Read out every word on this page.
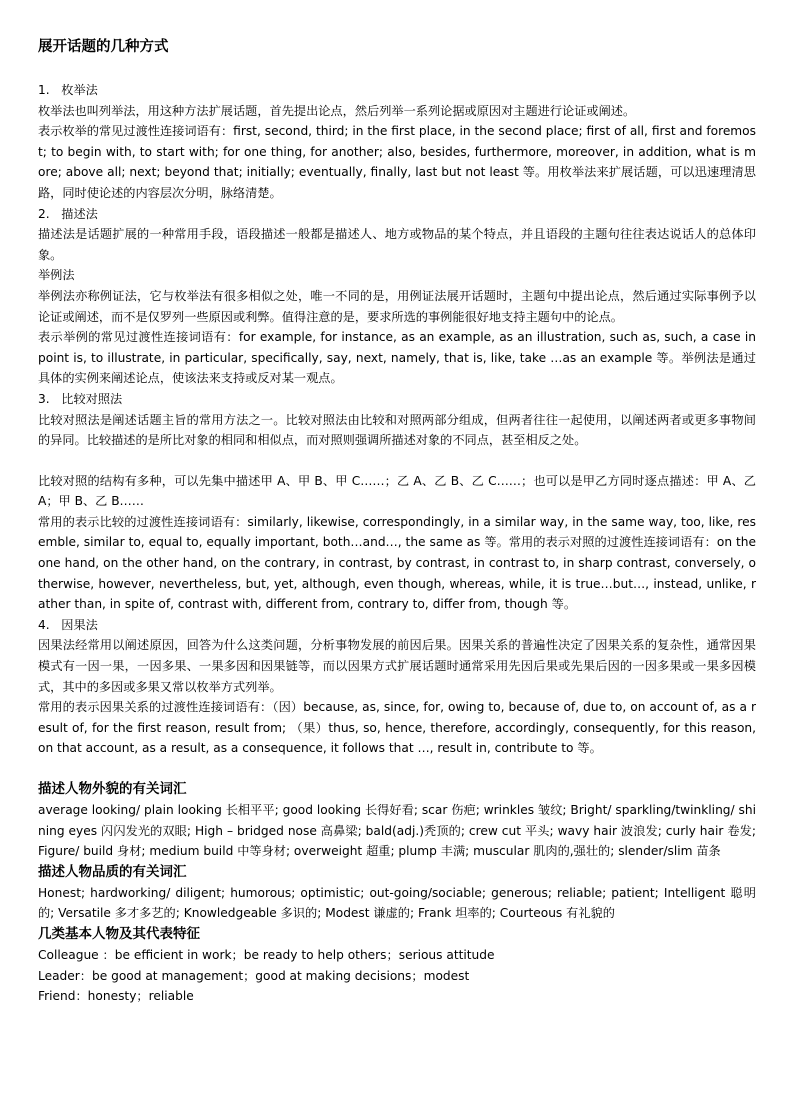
展开话题的几种方式
1.   枚举法
枚举法也叫列举法，用这种方法扩展话题，首先提出论点，然后列举一系列论据或原因对主题进行论证或阐述。
表示枚举的常见过渡性连接词语有：first, second, third; in the first place, in the second place; first of all, first and foremost; to begin with, to start with; for one thing, for another; also, besides, furthermore, moreover, in addition, what is more; above all; next; beyond that; initially; eventually, finally, last but not least 等。用枚举法来扩展话题，可以迅速理清思路，同时使论述的内容层次分明，脉络清楚。
2.   描述法
描述法是话题扩展的一种常用手段，语段描述一般都是描述人、地方或物品的某个特点，并且语段的主题句往往表达说话人的总体印象。
举例法
举例法亦称例证法，它与枚举法有很多相似之处，唯一不同的是，用例证法展开话题时，主题句中提出论点，然后通过实际事例予以论证或阐述，而不是仅罗列一些原因或利弊。值得注意的是，要求所选的事例能很好地支持主题句中的论点。
表示举例的常见过渡性连接词语有：for example, for instance, as an example, as an illustration, such as, such, a case in point is, to illustrate, in particular, specifically, say, next, namely, that is, like, take …as an example 等。举例法是通过具体的实例来阐述论点，使该法来支持或反对某一观点。
3.   比较对照法
比较对照法是阐述话题主旨的常用方法之一。比较对照法由比较和对照两部分组成，但两者往往一起使用，以阐述两者或更多事物间的异同。比较描述的是所比对象的相同和相似点，而对照则强调所描述对象的不同点，甚至相反之处。
比较对照的结构有多种，可以先集中描述甲 A、甲 B、甲 C……；乙 A、乙 B、乙 C……；也可以是甲乙方同时逐点描述：甲 A、乙 A；甲 B、乙 B……
常用的表示比较的过渡性连接词语有：similarly, likewise, correspondingly, in a similar way, in the same way, too, like, resemble, similar to, equal to, equally important, both…and…, the same as 等。常用的表示对照的过渡性连接词语有：on the one hand, on the other hand, on the contrary, in contrast, by contrast, in contrast to, in sharp contrast, conversely, otherwise, however, nevertheless, but, yet, although, even though, whereas, while, it is true…but…, instead, unlike, rather than, in spite of, contrast with, different from, contrary to, differ from, though 等。
4.   因果法
因果法经常用以阐述原因，回答为什么这类问题，分析事物发展的前因后果。因果关系的普遍性决定了因果关系的复杂性，通常因果模式有一因一果，一因多果、一果多因和因果链等，而以因果方式扩展话题时通常采用先因后果或先果后因的一因多果或一果多因模式，其中的多因或多果又常以枚举方式列举。
常用的表示因果关系的过渡性连接词语有：（因）because, as, since, for, owing to, because of, due to, on account of, as a result of, for the first reason, result from; （果）thus, so, hence, therefore, accordingly, consequently, for this reason, on that account, as a result, as a consequence, it follows that …, result in, contribute to 等。
描述人物外貌的有关词汇
average looking/ plain looking 长相平平; good looking 长得好看; scar 伤疤; wrinkles 皱纹; Bright/ sparkling/twinkling/ shining eyes 闪闪发光的双眼; High – bridged nose 高鼻梁; bald(adj.)秃顶的; crew cut 平头; wavy hair 波浪发; curly hair 卷发; Figure/ build 身材; medium build 中等身材; overweight 超重; plump 丰满; muscular 肌肉的,强壮的; slender/slim 苗条
描述人物品质的有关词汇
Honest; hardworking/ diligent; humorous; optimistic; out-going/sociable; generous; reliable; patient; Intelligent 聪明的; Versatile 多才多艺的; Knowledgeable 多识的; Modest 谦虚的; Frank 坦率的; Courteous 有礼貌的
几类基本人物及其代表特征
Colleague ：be efficient in work；be ready to help others；serious attitude
Leader：be good at management；good at making decisions；modest
Friend：honesty；reliable
